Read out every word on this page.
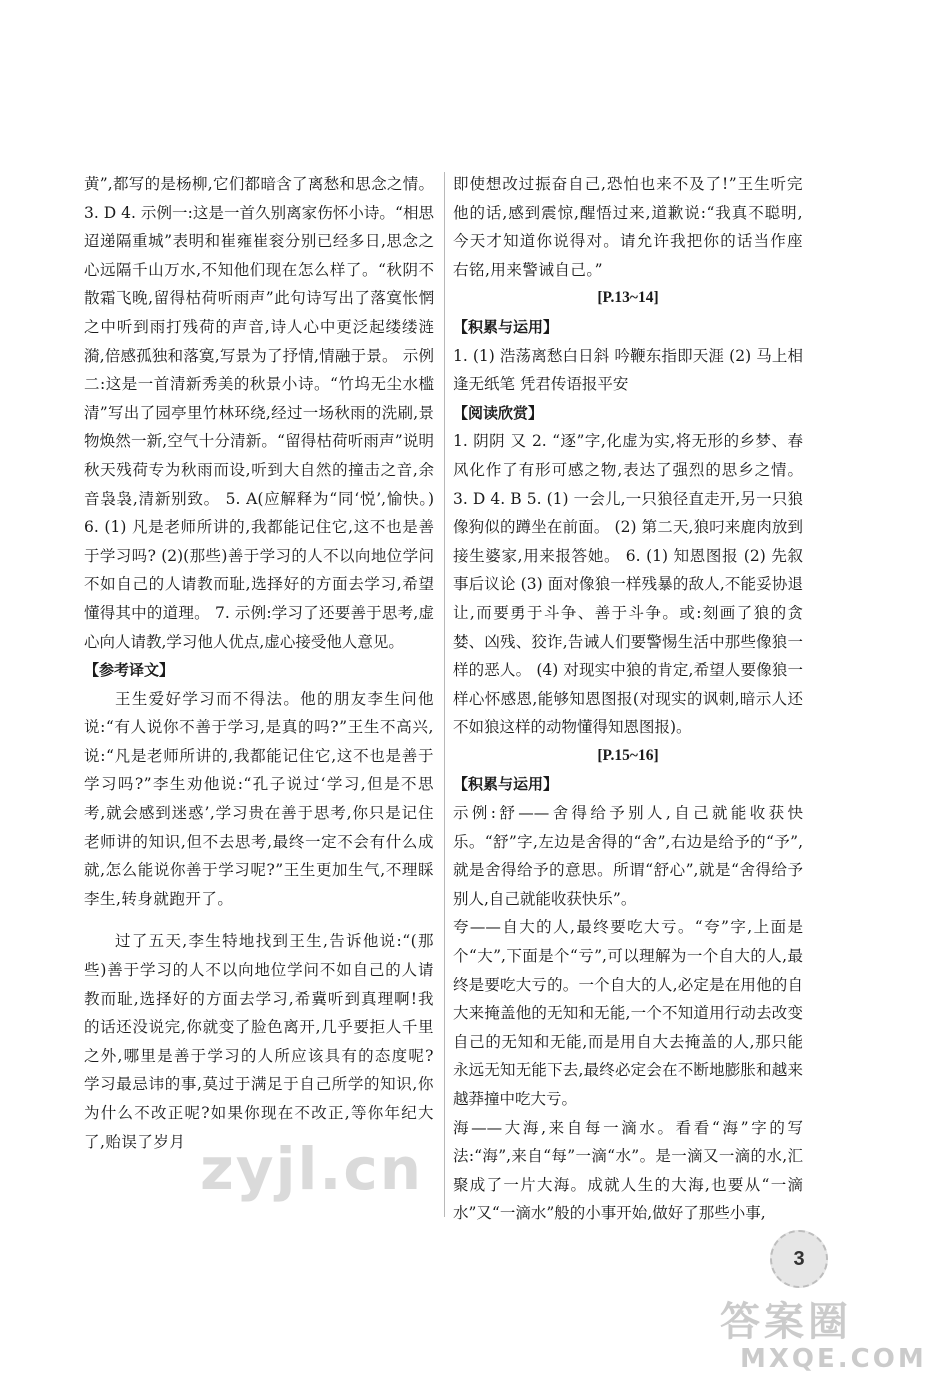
黄”,都写的是杨柳,它们都暗含了离愁和思念之情。 3. D 4. 示例一:这是一首久别离家伤怀小诗。“相思迢递隔重城”表明和崔雍崔衮分别已经多日,思念之心远隔千山万水,不知他们现在怎么样了。“秋阴不散霜飞晚,留得枯荷听雨声”此句诗写出了落寞怅惘之中听到雨打残荷的声音,诗人心中更泛起缕缕涟漪,倍感孤独和落寞,写景为了抒情,情融于景。 示例二:这是一首清新秀美的秋景小诗。“竹坞无尘水槛清”写出了园亭里竹林环绕,经过一场秋雨的洗刷,景物焕然一新,空气十分清新。“留得枯荷听雨声”说明秋天残荷专为秋雨而设,听到大自然的撞击之音,余音袅袅,清新别致。 5. A(应解释为“同‘悦’,愉快。) 6. (1) 凡是老师所讲的,我都能记住它,这不也是善于学习吗? (2)(那些)善于学习的人不以向地位学问不如自己的人请教而耻,选择好的方面去学习,希望懂得其中的道理。 7. 示例:学习了还要善于思考,虚心向人请教,学习他人优点,虚心接受他人意见。

【参考译文】

王生爱好学习而不得法。他的朋友李生问他说:“有人说你不善于学习,是真的吗?”王生不高兴,说:“凡是老师所讲的,我都能记住它,这不也是善于学习吗?”李生劝他说:“孔子说过‘学习,但是不思考,就会感到迷惑’,学习贵在善于思考,你只是记住老师讲的知识,但不去思考,最终一定不会有什么成就,怎么能说你善于学习呢?”王生更加生气,不理睬李生,转身就跑开了。

过了五天,李生特地找到王生,告诉他说:“(那些)善于学习的人不以向地位学问不如自己的人请教而耻,选择好的方面去学习,希冀听到真理啊!我的话还没说完,你就变了脸色离开,几乎要拒人千里之外,哪里是善于学习的人所应该具有的态度呢?学习最忌讳的事,莫过于满足于自己所学的知识,你为什么不改正呢?如果你现在不改正,等你年纪大了,贻误了岁月

即使想改过振奋自己,恐怕也来不及了!”王生听完他的话,感到震惊,醒悟过来,道歉说:“我真不聪明,今天才知道你说得对。请允许我把你的话当作座右铭,用来警诫自己。”

[P.13~14]

【积累与运用】

1. (1) 浩荡离愁白日斜 吟鞭东指即天涯 (2) 马上相逢无纸笔 凭君传语报平安

【阅读欣赏】

1. 阴阴 又 2. “逐”字,化虚为实,将无形的乡梦、春风化作了有形可感之物,表达了强烈的思乡之情。 3. D 4. B 5. (1) 一会儿,一只狼径直走开,另一只狼像狗似的蹲坐在前面。 (2) 第二天,狼叼来鹿肉放到接生婆家,用来报答她。 6. (1) 知恩图报 (2) 先叙事后议论 (3) 面对像狼一样残暴的敌人,不能妥协退让,而要勇于斗争、善于斗争。或:刻画了狼的贪婪、凶残、狡诈,告诫人们要警惕生活中那些像狼一样的恶人。 (4) 对现实中狼的肯定,希望人要像狼一样心怀感恩,能够知恩图报(对现实的讽刺,暗示人还不如狼这样的动物懂得知恩图报)。

[P.15~16]

【积累与运用】

示例:舒——舍得给予别人,自己就能收获快乐。“舒”字,左边是舍得的“舍”,右边是给予的“予”,就是舍得给予的意思。所谓“舒心”,就是“舍得给予别人,自己就能收获快乐”。

夸——自大的人,最终要吃大亏。“夸”字,上面是个“大”,下面是个“亏”,可以理解为一个自大的人,最终是要吃大亏的。一个自大的人,必定是在用他的自大来掩盖他的无知和无能,一个不知道用行动去改变自己的无知和无能,而是用自大去掩盖的人,那只能永远无知无能下去,最终必定会在不断地膨胀和越来越莽撞中吃大亏。

海——大海,来自每一滴水。看看“海”字的写法:“海”,来自“每”一滴“水”。是一滴又一滴的水,汇聚成了一片大海。成就人生的大海,也要从“一滴水”又“一滴水”般的小事开始,做好了那些小事,

zyjl.cn
3
答案圈
MXQE.COM
